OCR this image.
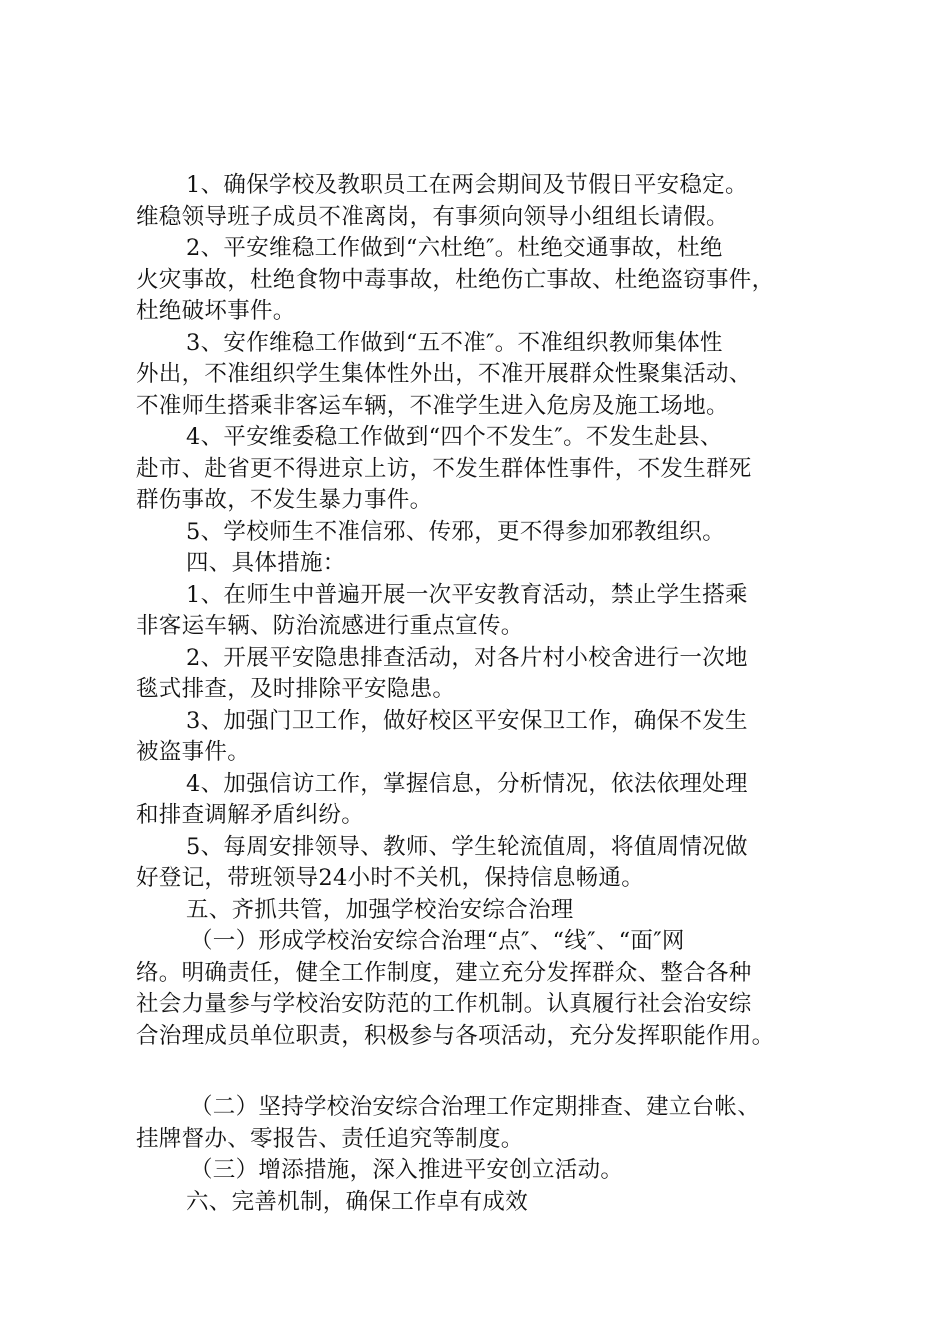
1、确保学校及教职员工在两会期间及节假日平安稳定。
维稳领导班子成员不准离岗，有事须向领导小组组长请假。
2、平安维稳工作做到“六杜绝″。杜绝交通事故，杜绝
火灾事故，杜绝食物中毒事故，杜绝伤亡事故、杜绝盗窃事件，
杜绝破坏事件。
3、安作维稳工作做到“五不准″。不准组织教师集体性
外出，不准组织学生集体性外出，不准开展群众性聚集活动、
不准师生搭乘非客运车辆，不准学生进入危房及施工场地。
4、平安维委稳工作做到“四个不发生″。不发生赴县、
赴市、赴省更不得进京上访，不发生群体性事件，不发生群死
群伤事故，不发生暴力事件。
5、学校师生不准信邪、传邪，更不得参加邪教组织。
四、具体措施：
1、在师生中普遍开展一次平安教育活动，禁止学生搭乘
非客运车辆、防治流感进行重点宣传。
2、开展平安隐患排查活动，对各片村小校舍进行一次地
毯式排查，及时排除平安隐患。
3、加强门卫工作，做好校区平安保卫工作，确保不发生
被盗事件。
4、加强信访工作，掌握信息，分析情况，依法依理处理
和排查调解矛盾纠纷。
5、每周安排领导、教师、学生轮流值周，将值周情况做
好登记，带班领导24小时不关机，保持信息畅通。
五、齐抓共管，加强学校治安综合治理
（一）形成学校治安综合治理“点″、“线″、“面″网
络。明确责任，健全工作制度，建立充分发挥群众、整合各种
社会力量参与学校治安防范的工作机制。认真履行社会治安综
合治理成员单位职责，积极参与各项活动，充分发挥职能作用。
（二）坚持学校治安综合治理工作定期排查、建立台帐、
挂牌督办、零报告、责任追究等制度。
（三）增添措施，深入推进平安创立活动。
六、完善机制，确保工作卓有成效
